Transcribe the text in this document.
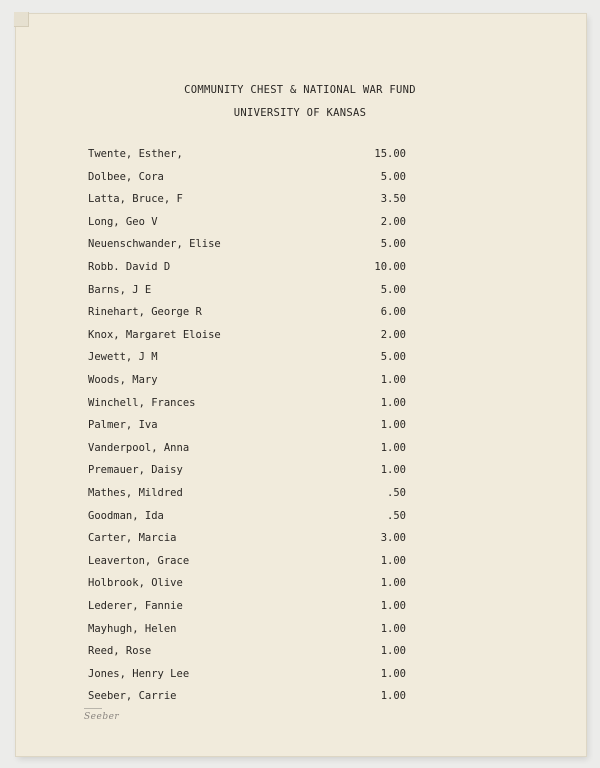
COMMUNITY CHEST & NATIONAL WAR FUND
UNIVERSITY OF KANSAS
Twente, Esther,	15.00
Dolbee, Cora	5.00
Latta, Bruce, F	3.50
Long, Geo V	2.00
Neuenschwander, Elise	5.00
Robb. David D	10.00
Barns, J E	5.00
Rinehart, George R	6.00
Knox, Margaret Eloise	2.00
Jewett, J M	5.00
Woods, Mary	1.00
Winchell, Frances	1.00
Palmer, Iva	1.00
Vanderpool, Anna	1.00
Premauer, Daisy	1.00
Mathes, Mildred	.50
Goodman, Ida	.50
Carter, Marcia	3.00
Leaverton, Grace	1.00
Holbrook, Olive	1.00
Lederer, Fannie	1.00
Mayhugh, Helen	1.00
Reed, Rose	1.00
Jones, Henry Lee	1.00
Seeber, Carrie	1.00
Seeber
